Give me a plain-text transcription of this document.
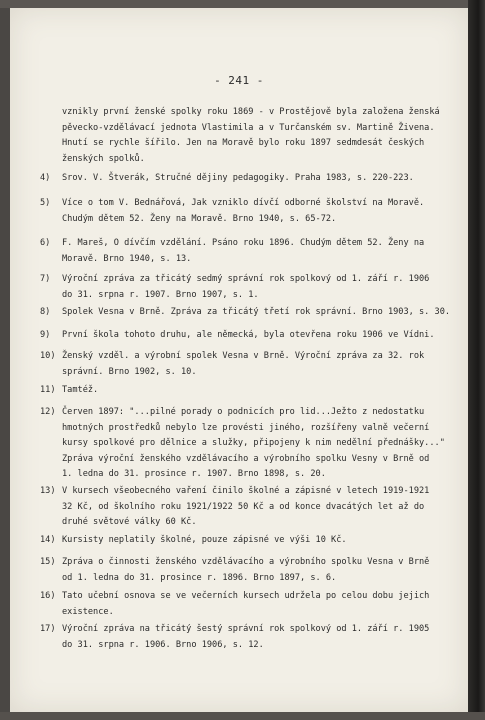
- 241 -
vznikly první ženské spolky roku 1869 - v Prostějově byla založena ženská
pěvecko-vzdělávací jednota Vlastimila a v Turčanském sv. Martině Živena.
Hnutí se rychle šířilo. Jen na Moravě bylo roku 1897 sedmdesát českých
ženských spolků.
4) Srov. V. Štverák, Stručné dějiny pedagogiky. Praha 1983, s. 220-223.
5) Více o tom V. Bednářová, Jak vzniklo dívčí odborné školství na Moravě.
Chudým dětem 52. Ženy na Moravě. Brno 1940, s. 65-72.
6) F. Mareš, O dívčím vzdělání. Psáno roku 1896. Chudým dětem 52. Ženy na
Moravě. Brno 1940, s. 13.
7) Výroční zpráva za třicátý sedmý správní rok spolkový od 1. září r. 1906
do 31. srpna r. 1907. Brno 1907, s. 1.
8) Spolek Vesna v Brně. Zpráva za třicátý třetí rok správní. Brno 1903, s. 30.
9) První škola tohoto druhu, ale německá, byla otevřena roku 1906 ve Vídni.
10) Ženský vzděl. a výrobní spolek Vesna v Brně. Výroční zpráva za 32. rok
správní. Brno 1902, s. 10.
11) Tamtéž.
12) Červen 1897: "...pilné porady o podnicích pro lid...Ježto z nedostatku
hmotných prostředků nebylo lze provésti jiného, rozšířeny valně večerní
kursy spolkové pro dělnice a služky, připojeny k nim nedělní přednášky..."
Zpráva výroční ženského vzdělávacího a výrobního spolku Vesny v Brně od
1. ledna do 31. prosince r. 1907. Brno 1898, s. 20.
13) V kursech všeobecného vaření činilo školné a zápisné v letech 1919-1921
32 Kč, od školního roku 1921/1922 50 Kč a od konce dvacátých let až do
druhé světové války 60 Kč.
14) Kursisty neplatily školné, pouze zápisné ve výši 10 Kč.
15) Zpráva o činnosti ženského vzdělávacího a výrobního spolku Vesna v Brně
od 1. ledna do 31. prosince r. 1896. Brno 1897, s. 6.
16) Tato učební osnova se ve večerních kursech udržela po celou dobu jejich
existence.
17) Výroční zpráva na třicátý šestý správní rok spolkový od 1. září r. 1905
do 31. srpna r. 1906. Brno 1906, s. 12.
